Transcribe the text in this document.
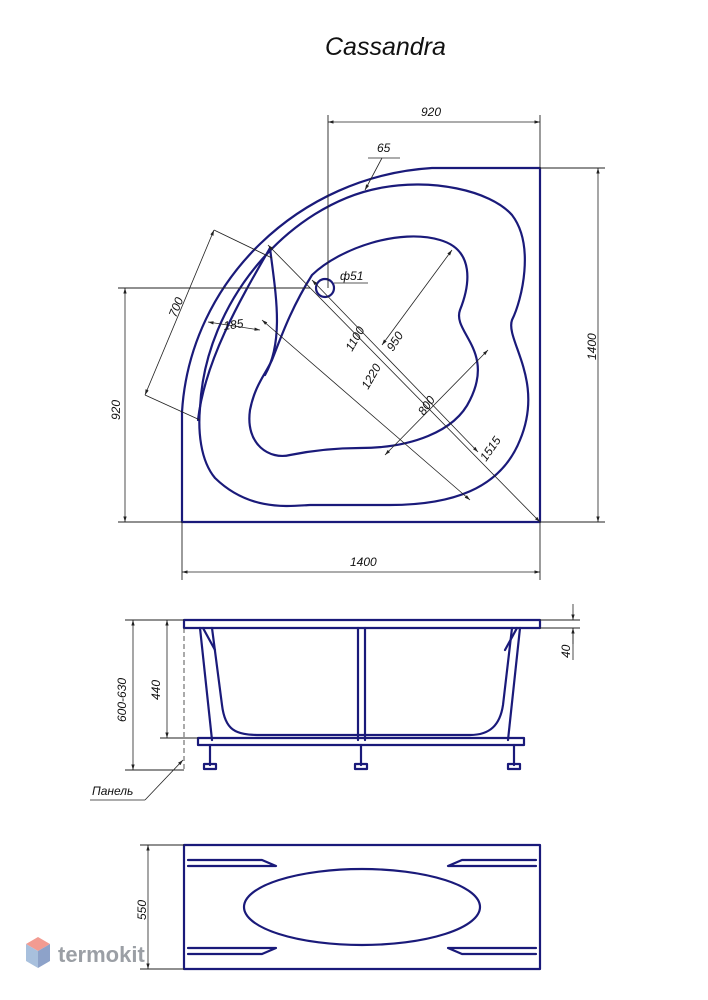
Cassandra
920
65
ф51
700
185	1100 950
1220
800
1515
1400
920
1400
600-630 440
40
Панель
550
termokit
